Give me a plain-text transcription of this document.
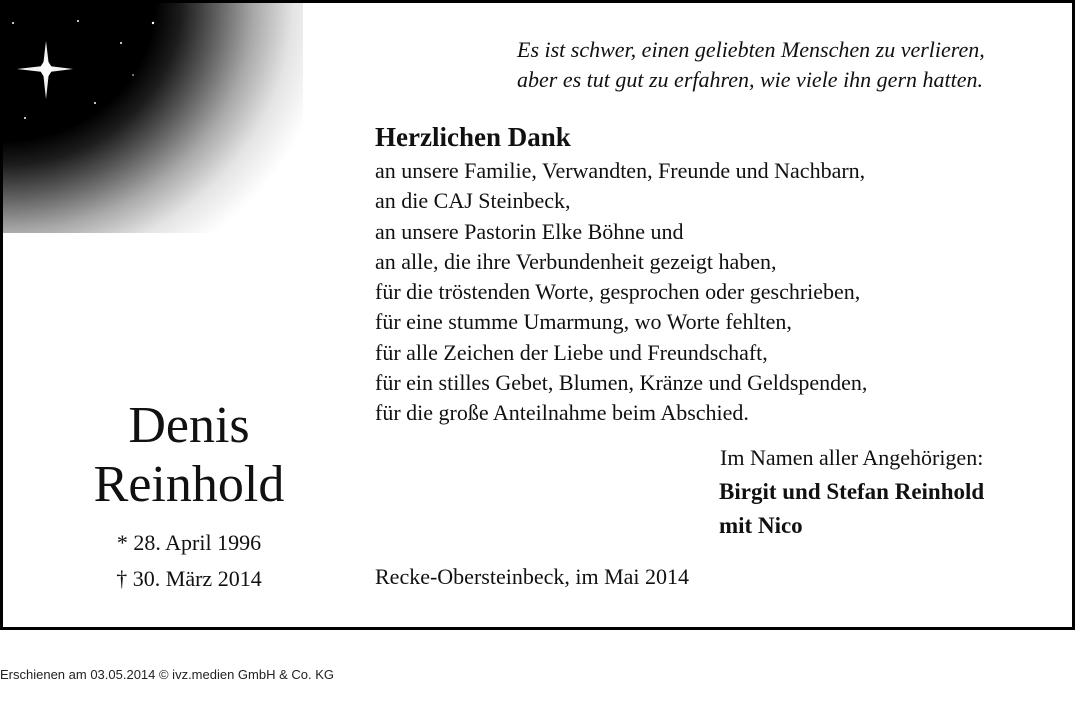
Es ist schwer, einen geliebten Menschen zu verlieren,
aber es tut gut zu erfahren, wie viele ihn gern hatten.
Herzlichen Dank
an unsere Familie, Verwandten, Freunde und Nachbarn,
an die CAJ Steinbeck,
an unsere Pastorin Elke Böhne und
an alle, die ihre Verbundenheit gezeigt haben,
für die tröstenden Worte, gesprochen oder geschrieben,
für eine stumme Umarmung, wo Worte fehlten,
für alle Zeichen der Liebe und Freundschaft,
für ein stilles Gebet, Blumen, Kränze und Geldspenden,
für die große Anteilnahme beim Abschied.
Denis
Reinhold
* 28. April 1996
† 30. März 2014
Im Namen aller Angehörigen:
Birgit und Stefan Reinhold
mit Nico
Recke-Obersteinbeck, im Mai 2014
Erschienen am 03.05.2014 © ivz.medien GmbH & Co. KG
